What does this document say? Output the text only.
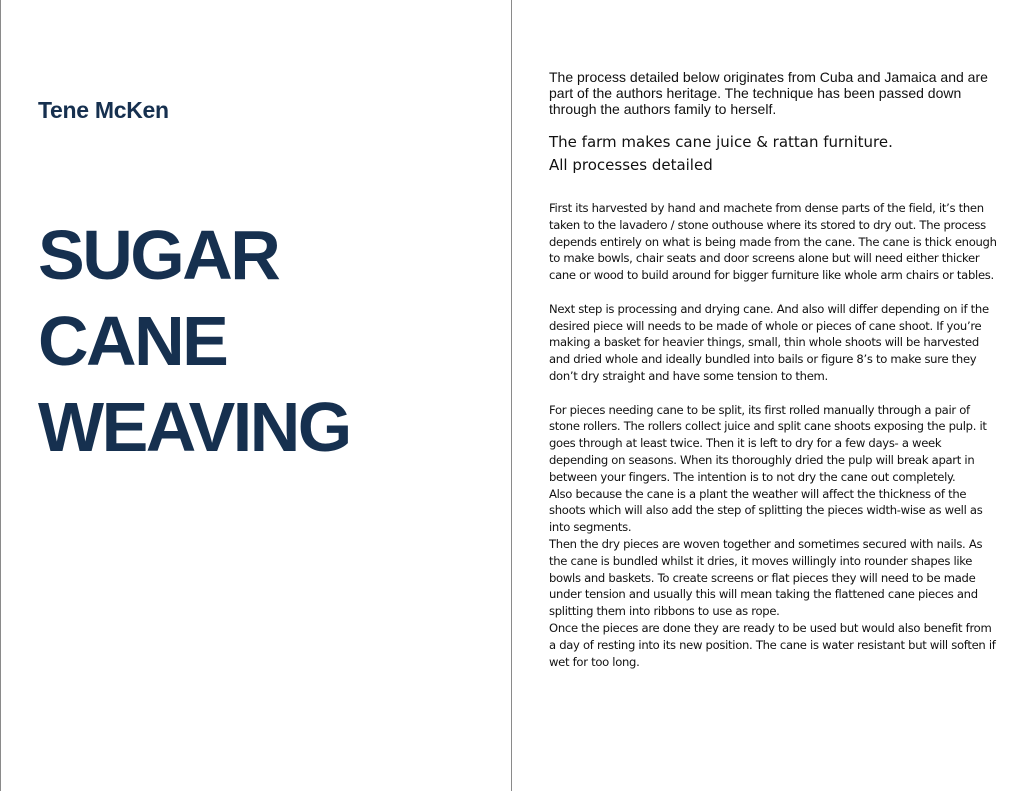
Tene McKen
SUGAR
CANE
WEAVING

The process detailed below originates from Cuba and Jamaica and are part of the authors heritage. The technique has been passed down through the authors family to herself.

The farm makes cane juice & rattan furniture.
All processes detailed

First its harvested by hand and machete from dense parts of the field, it’s then taken to the lavadero / stone outhouse where its stored to dry out. The process depends entirely on what is being made from the cane. The cane is thick enough to make bowls, chair seats and door screens alone but will need either thicker cane or wood to build around for bigger furniture like whole arm chairs or tables.

Next step is processing and drying cane. And also will differ depending on if the desired piece will needs to be made of whole or pieces of cane shoot. If you’re making a basket for heavier things, small, thin whole shoots will be harvested and dried whole and ideally bundled into bails or figure 8’s to make sure they don’t dry straight and have some tension to them.

For pieces needing cane to be split, its first rolled manually through a pair of stone rollers. The rollers collect juice and split cane shoots exposing the pulp. it goes through at least twice. Then it is left to dry for a few days- a week depending on seasons. When its thoroughly dried the pulp will break apart in between your fingers. The intention is to not dry the cane out completely.

Also because the cane is a plant the weather will affect the thickness of the shoots which will also add the step of splitting the pieces width-wise as well as into segments.

Then the dry pieces are woven together and sometimes secured with nails. As the cane is bundled whilst it dries, it moves willingly into rounder shapes like bowls and baskets. To create screens or flat pieces they will need to be made under tension and usually this will mean taking the flattened cane pieces and splitting them into ribbons to use as rope.

Once the pieces are done they are ready to be used but would also benefit from a day of resting into its new position. The cane is water resistant but will soften if wet for too long.
